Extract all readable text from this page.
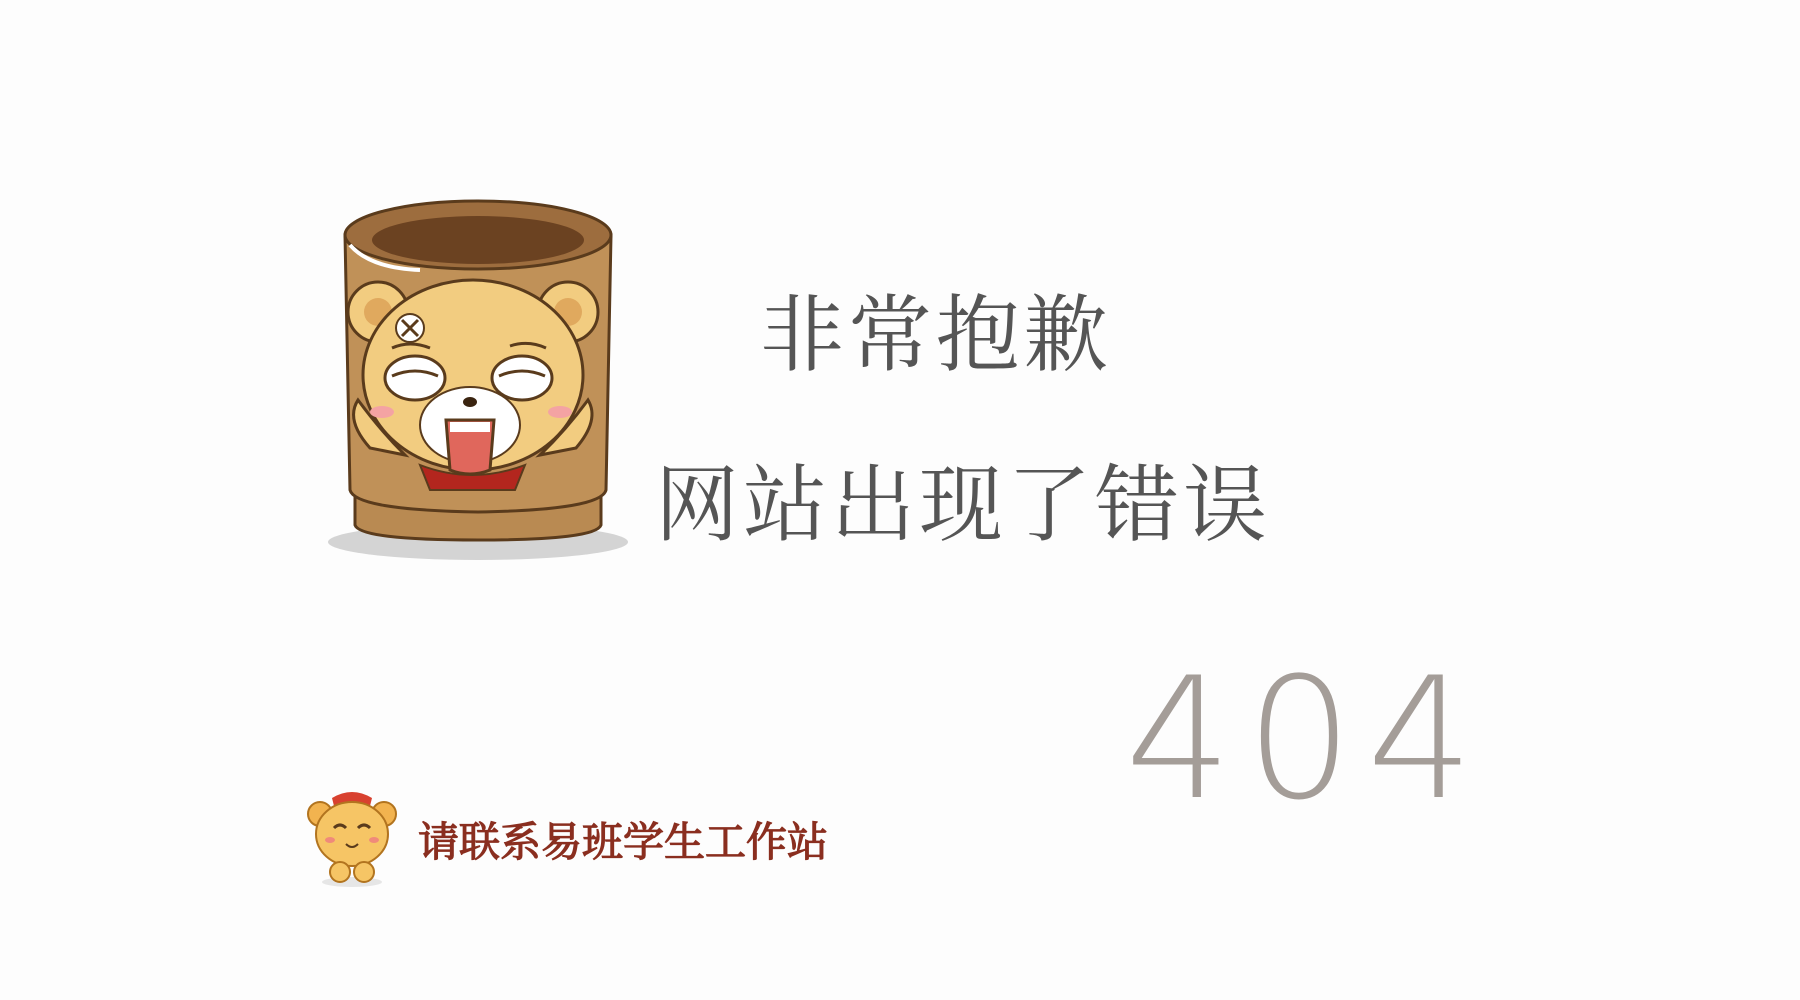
非常抱歉
网站出现了错误
404
请联系易班学生工作站
